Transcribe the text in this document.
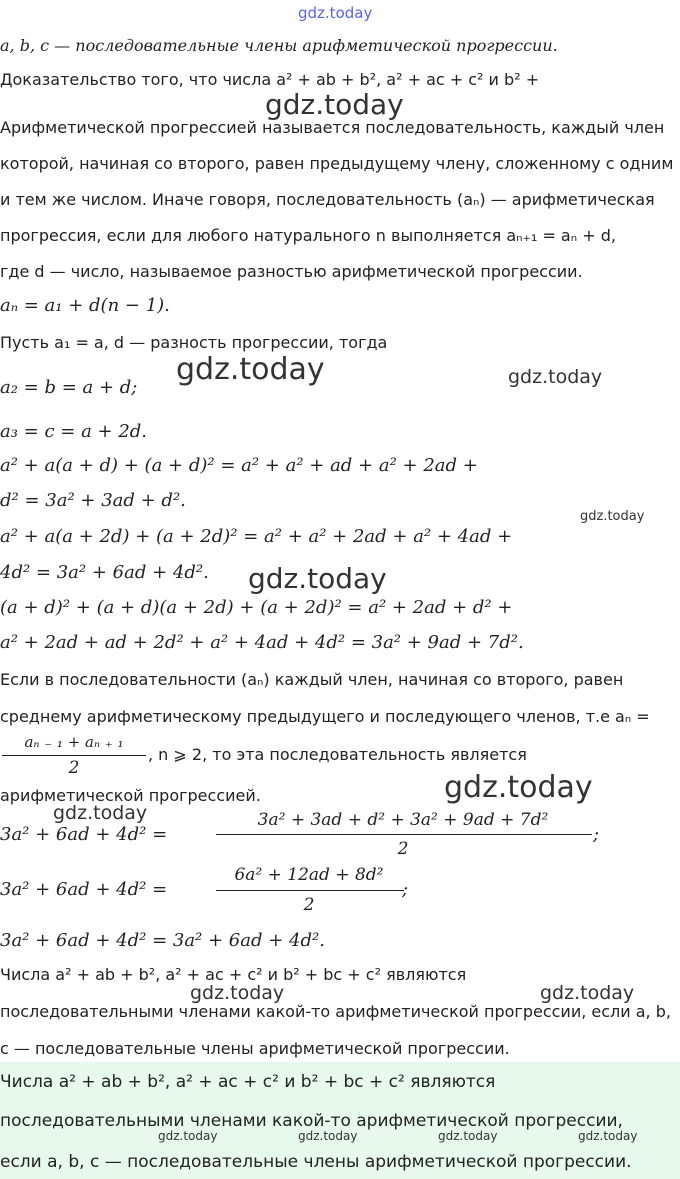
gdz.today
gdz.today
gdz.today	gdz.today
gdz.today
gdz.today
gdz.today
gdz.today
gdz.today	gdz.today
gdz.today	gdz.today	gdz.today	gdz.today
a, b, c — последовательные члены арифметической прогрессии.
Доказательство того, что числа a² + ab + b², a² + ac + c² и b² +
Арифметической прогрессией называется последовательность, каждый член
которой, начиная со второго, равен предыдущему члену, сложенному с одним
и тем же числом. Иначе говоря, последовательность (aₙ) — арифметическая
прогрессия, если для любого натурального n выполняется aₙ₊₁ = aₙ + d,
где d — число, называемое разностью арифметической прогрессии.
aₙ = a₁ + d(n − 1).
Пусть a₁ = a, d — разность прогрессии, тогда
a₂ = b = a + d;
a₃ = c = a + 2d.
a² + a(a + d) + (a + d)² = a² + a² + ad + a² + 2ad +
d² = 3a² + 3ad + d².
a² + a(a + 2d) + (a + 2d)² = a² + a² + 2ad + a² + 4ad +
4d² = 3a² + 6ad + 4d².
(a + d)² + (a + d)(a + 2d) + (a + 2d)² = a² + 2ad + d² +
a² + 2ad + ad + 2d² + a² + 4ad + 4d² = 3a² + 9ad + 7d².
Если в последовательности (aₙ) каждый член, начиная со второго, равен
среднему арифметическому предыдущего и последующего членов, т.е aₙ =
aₙ ₋ ₁ + aₙ ₊ ₁
2
, n ⩾ 2, то эта последовательность является
арифметической прогрессией.
3a² + 6ad + 4d² =
3a² + 3ad + d² + 3a² + 9ad + 7d²
2
;
3a² + 6ad + 4d² =
6a² + 12ad + 8d²
2
;
3a² + 6ad + 4d² = 3a² + 6ad + 4d².
Числа a² + ab + b², a² + ac + c² и b² + bc + c² являются
последовательными членами какой-то арифметической прогрессии, если a, b,
c — последовательные члены арифметической прогрессии.
Числа a² + ab + b², a² + ac + c² и b² + bc + c² являются
последовательными членами какой-то арифметической прогрессии,
если a, b, c — последовательные члены арифметической прогрессии.
